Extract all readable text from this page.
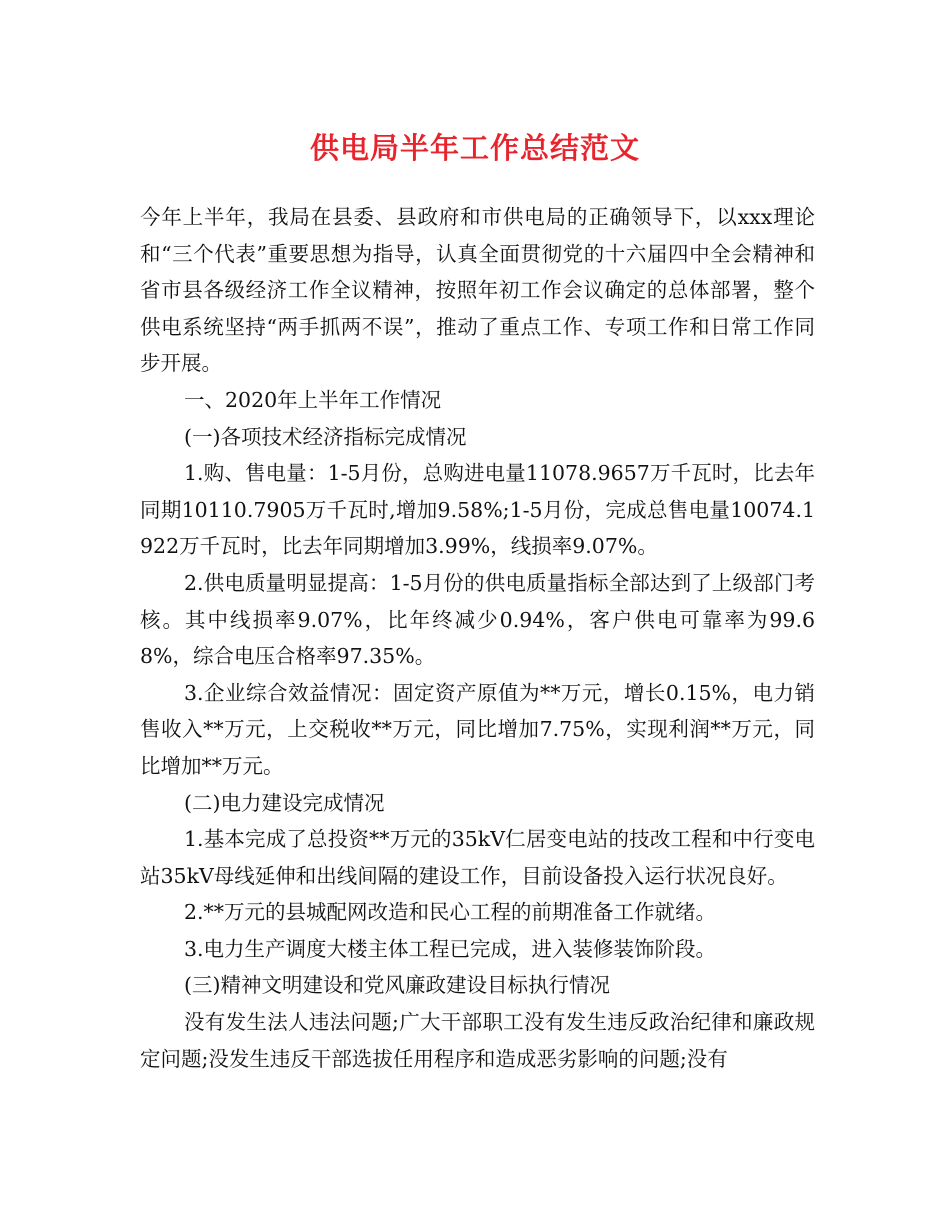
供电局半年工作总结范文

今年上半年，我局在县委、县政府和市供电局的正确领导下，以xxx理论和“三个代表”重要思想为指导，认真全面贯彻党的十六届四中全会精神和省市县各级经济工作全议精神，按照年初工作会议确定的总体部署，整个供电系统坚持“两手抓两不误”，推动了重点工作、专项工作和日常工作同步开展。

一、2020年上半年工作情况

(一)各项技术经济指标完成情况

1.购、售电量：1-5月份，总购进电量11078.9657万千瓦时，比去年同期10110.7905万千瓦时,增加9.58%;1-5月份，完成总售电量10074.1922万千瓦时，比去年同期增加3.99%，线损率9.07%。

2.供电质量明显提高：1-5月份的供电质量指标全部达到了上级部门考核。其中线损率9.07%，比年终减少0.94%，客户供电可靠率为99.68%，综合电压合格率97.35%。

3.企业综合效益情况：固定资产原值为**万元，增长0.15%，电力销售收入**万元，上交税收**万元，同比增加7.75%，实现利润**万元，同比增加**万元。

(二)电力建设完成情况

1.基本完成了总投资**万元的35kV仁居变电站的技改工程和中行变电站35kV母线延伸和出线间隔的建设工作，目前设备投入运行状况良好。

2.**万元的县城配网改造和民心工程的前期准备工作就绪。

3.电力生产调度大楼主体工程已完成，进入装修装饰阶段。

(三)精神文明建设和党风廉政建设目标执行情况

没有发生法人违法问题;广大干部职工没有发生违反政治纪律和廉政规定问题;没发生违反干部选拔任用程序和造成恶劣影响的问题;没有
